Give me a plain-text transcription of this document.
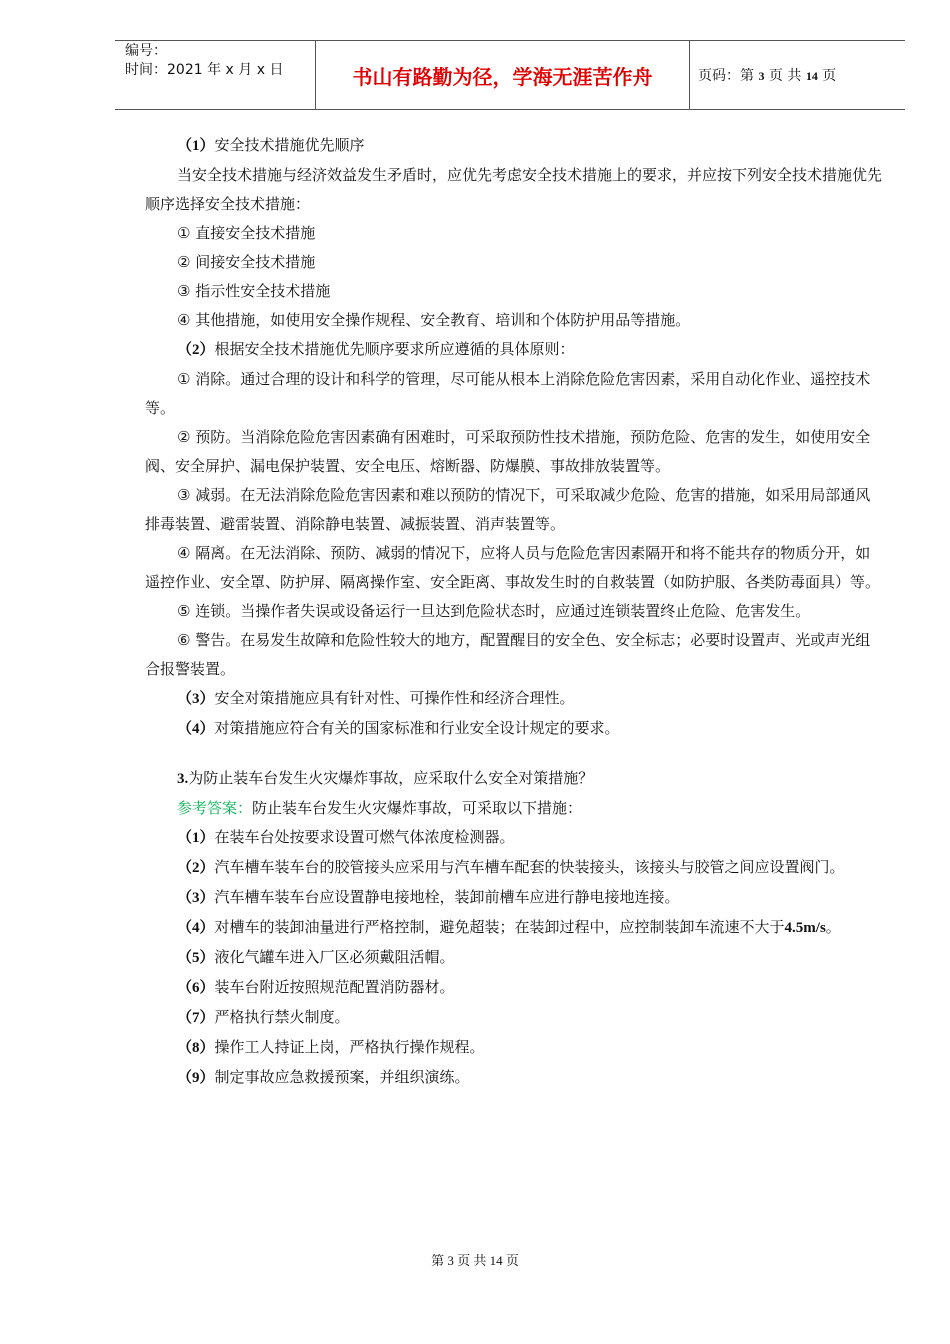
编号：
时间：2021 年 x 月 x 日	书山有路勤为径，学海无涯苦作舟	页码：第 3 页 共 14 页

（1）安全技术措施优先顺序

当安全技术措施与经济效益发生矛盾时，应优先考虑安全技术措施上的要求，并应按下列安全技术措施优先顺序选择安全技术措施：

① 直接安全技术措施

② 间接安全技术措施

③ 指示性安全技术措施

④ 其他措施，如使用安全操作规程、安全教育、培训和个体防护用品等措施。

（2）根据安全技术措施优先顺序要求所应遵循的具体原则：

① 消除。通过合理的设计和科学的管理，尽可能从根本上消除危险危害因素，采用自动化作业、遥控技术等。

② 预防。当消除危险危害因素确有困难时，可采取预防性技术措施，预防危险、危害的发生，如使用安全阀、安全屏护、漏电保护装置、安全电压、熔断器、防爆膜、事故排放装置等。

③ 减弱。在无法消除危险危害因素和难以预防的情况下，可采取减少危险、危害的措施，如采用局部通风排毒装置、避雷装置、消除静电装置、减振装置、消声装置等。

④ 隔离。在无法消除、预防、减弱的情况下，应将人员与危险危害因素隔开和将不能共存的物质分开，如遥控作业、安全罩、防护屏、隔离操作室、安全距离、事故发生时的自救装置（如防护服、各类防毒面具）等。

⑤ 连锁。当操作者失误或设备运行一旦达到危险状态时，应通过连锁装置终止危险、危害发生。

⑥ 警告。在易发生故障和危险性较大的地方，配置醒目的安全色、安全标志；必要时设置声、光或声光组合报警装置。

（3）安全对策措施应具有针对性、可操作性和经济合理性。

（4）对策措施应符合有关的国家标准和行业安全设计规定的要求。

3.为防止装车台发生火灾爆炸事故，应采取什么安全对策措施？

参考答案：防止装车台发生火灾爆炸事故，可采取以下措施：

（1）在装车台处按要求设置可燃气体浓度检测器。

（2）汽车槽车装车台的胶管接头应采用与汽车槽车配套的快装接头，该接头与胶管之间应设置阀门。

（3）汽车槽车装车台应设置静电接地栓，装卸前槽车应进行静电接地连接。

（4）对槽车的装卸油量进行严格控制，避免超装；在装卸过程中，应控制装卸车流速不大于4.5m/s。

（5）液化气罐车进入厂区必须戴阻活帽。

（6）装车台附近按照规范配置消防器材。

（7）严格执行禁火制度。

（8）操作工人持证上岗，严格执行操作规程。

（9）制定事故应急救援预案，并组织演练。

第 3 页 共 14 页
